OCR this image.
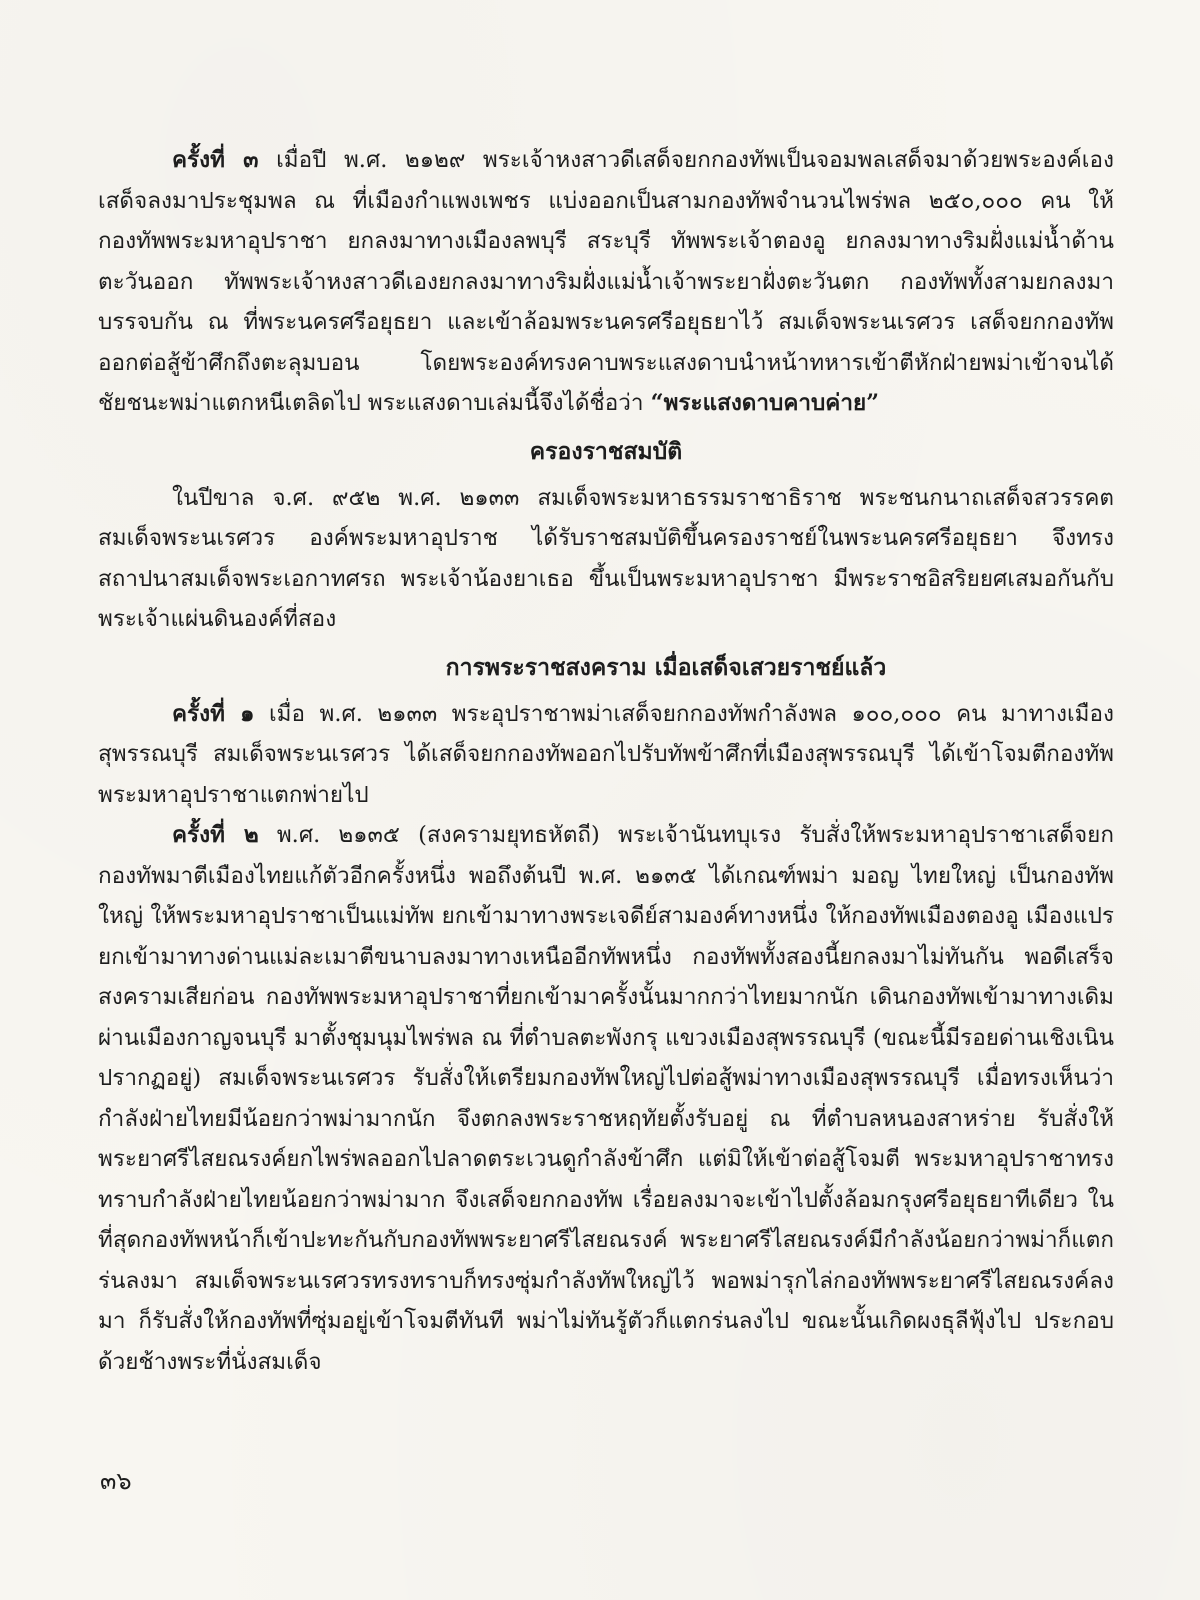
ครั้งที่ ๓ เมื่อปี พ.ศ. ๒๑๒๙ พระเจ้าหงสาวดีเสด็จยกกองทัพเป็นจอมพลเสด็จมาด้วยพระองค์เอง เสด็จลงมาประชุมพล ณ ที่เมืองกำแพงเพชร แบ่งออกเป็นสามกองทัพจำนวนไพร่พล ๒๕๐,๐๐๐ คน ให้กองทัพพระมหาอุปราชา ยกลงมาทางเมืองลพบุรี สระบุรี ทัพพระเจ้าตองอู ยกลงมาทางริมฝั่งแม่น้ำด้านตะวันออก ทัพพระเจ้าหงสาวดีเองยกลงมาทางริมฝั่งแม่น้ำเจ้าพระยาฝั่งตะวันตก กองทัพทั้งสามยกลงมาบรรจบกัน ณ ที่พระนครศรีอยุธยา และเข้าล้อมพระนครศรีอยุธยาไว้ สมเด็จพระนเรศวร เสด็จยกกองทัพออกต่อสู้ข้าศึกถึงตะลุมบอน โดยพระองค์ทรงคาบพระแสงดาบนำหน้าทหารเข้าตีหักฝ่ายพม่าเข้าจนได้ชัยชนะพม่าแตกหนีเตลิดไป พระแสงดาบเล่มนี้จึงได้ชื่อว่า “พระแสงดาบคาบค่าย”

ครองราชสมบัติ

ในปีขาล จ.ศ. ๙๕๒ พ.ศ. ๒๑๓๓ สมเด็จพระมหาธรรมราชาธิราช พระชนกนาถเสด็จสวรรคต สมเด็จพระนเรศวร องค์พระมหาอุปราช ได้รับราชสมบัติขึ้นครองราชย์ในพระนครศรีอยุธยา จึงทรงสถาปนาสมเด็จพระเอกาทศรถ พระเจ้าน้องยาเธอ ขึ้นเป็นพระมหาอุปราชา มีพระราชอิสริยยศเสมอกันกับพระเจ้าแผ่นดินองค์ที่สอง

การพระราชสงคราม เมื่อเสด็จเสวยราชย์แล้ว

ครั้งที่ ๑ เมื่อ พ.ศ. ๒๑๓๓ พระอุปราชาพม่าเสด็จยกกองทัพกำลังพล ๑๐๐,๐๐๐ คน มาทางเมืองสุพรรณบุรี สมเด็จพระนเรศวร ได้เสด็จยกกองทัพออกไปรับทัพข้าศึกที่เมืองสุพรรณบุรี ได้เข้าโจมตีกองทัพพระมหาอุปราชาแตกพ่ายไป

ครั้งที่ ๒ พ.ศ. ๒๑๓๕ (สงครามยุทธหัตถี) พระเจ้านันทบุเรง รับสั่งให้พระมหาอุปราชาเสด็จยกกองทัพมาตีเมืองไทยแก้ตัวอีกครั้งหนึ่ง พอถึงต้นปี พ.ศ. ๒๑๓๕ ได้เกณฑ์พม่า มอญ ไทยใหญ่ เป็นกองทัพใหญ่ ให้พระมหาอุปราชาเป็นแม่ทัพ ยกเข้ามาทางพระเจดีย์สามองค์ทางหนึ่ง ให้กองทัพเมืองตองอู เมืองแปร ยกเข้ามาทางด่านแม่ละเมาตีขนาบลงมาทางเหนืออีกทัพหนึ่ง กองทัพทั้งสองนี้ยกลงมาไม่ทันกัน พอดีเสร็จสงครามเสียก่อน กองทัพพระมหาอุปราชาที่ยกเข้ามาครั้งนั้นมากกว่าไทยมากนัก เดินกองทัพเข้ามาทางเดิม ผ่านเมืองกาญจนบุรี มาตั้งชุมนุมไพร่พล ณ ที่ตำบลตะพังกรุ แขวงเมืองสุพรรณบุรี (ขณะนี้มีรอยด่านเชิงเนินปรากฏอยู่) สมเด็จพระนเรศวร รับสั่งให้เตรียมกองทัพใหญ่ไปต่อสู้พม่าทางเมืองสุพรรณบุรี เมื่อทรงเห็นว่ากำลังฝ่ายไทยมีน้อยกว่าพม่ามากนัก จึงตกลงพระราชหฤทัยตั้งรับอยู่ ณ ที่ตำบลหนองสาหร่าย รับสั่งให้พระยาศรีไสยณรงค์ยกไพร่พลออกไปลาดตระเวนดูกำลังข้าศึก แต่มิให้เข้าต่อสู้โจมตี พระมหาอุปราชาทรงทราบกำลังฝ่ายไทยน้อยกว่าพม่ามาก จึงเสด็จยกกองทัพ เรื่อยลงมาจะเข้าไปตั้งล้อมกรุงศรีอยุธยาทีเดียว ในที่สุดกองทัพหน้าก็เข้าปะทะกันกับกองทัพพระยาศรีไสยณรงค์ พระยาศรีไสยณรงค์มีกำลังน้อยกว่าพม่าก็แตกร่นลงมา สมเด็จพระนเรศวรทรงทราบก็ทรงซุ่มกำลังทัพใหญ่ไว้ พอพม่ารุกไล่กองทัพพระยาศรีไสยณรงค์ลงมา ก็รับสั่งให้กองทัพที่ซุ่มอยู่เข้าโจมตีทันที พม่าไม่ทันรู้ตัวก็แตกร่นลงไป ขณะนั้นเกิดผงธุลีฟุ้งไป ประกอบด้วยช้างพระที่นั่งสมเด็จ

๓๖
